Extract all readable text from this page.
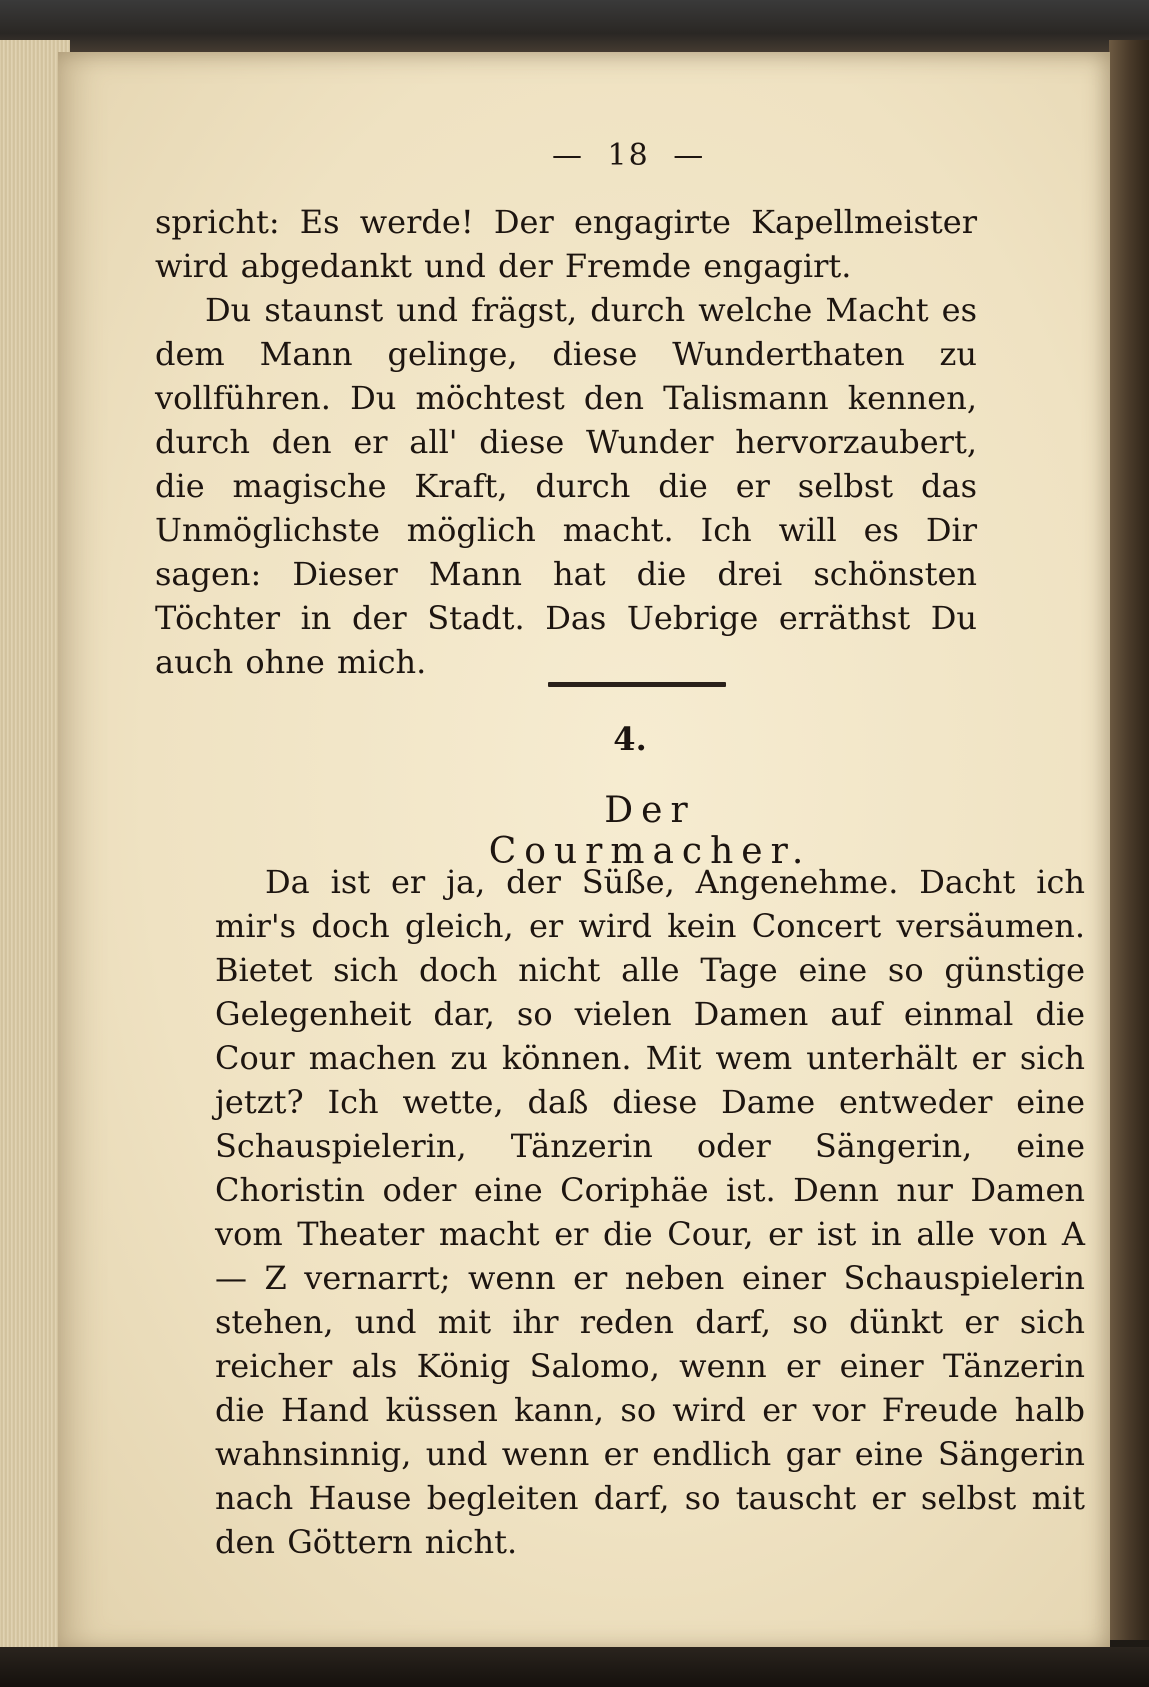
— 18 —

spricht: Es werde! Der engagirte Kapellmeister wird abgedankt und der Fremde engagirt.

Du staunst und frägst, durch welche Macht es dem Mann gelinge, diese Wunderthaten zu vollführen. Du möchtest den Talismann kennen, durch den er all' diese Wunder hervorzaubert, die magische Kraft, durch die er selbst das Unmöglichste möglich macht. Ich will es Dir sagen: Dieser Mann hat die drei schönsten Töchter in der Stadt. Das Uebrige erräthst Du auch ohne mich.

4.
Der Courmacher.

Da ist er ja, der Süße, Angenehme. Dacht ich mir's doch gleich, er wird kein Concert versäumen. Bietet sich doch nicht alle Tage eine so günstige Gelegenheit dar, so vielen Damen auf einmal die Cour machen zu können. Mit wem unterhält er sich jetzt? Ich wette, daß diese Dame entweder eine Schauspielerin, Tänzerin oder Sängerin, eine Choristin oder eine Coriphäe ist. Denn nur Damen vom Theater macht er die Cour, er ist in alle von A — Z vernarrt; wenn er neben einer Schauspielerin stehen, und mit ihr reden darf, so dünkt er sich reicher als König Salomo, wenn er einer Tänzerin die Hand küssen kann, so wird er vor Freude halb wahnsinnig, und wenn er endlich gar eine Sängerin nach Hause begleiten darf, so tauscht er selbst mit den Göttern nicht.
